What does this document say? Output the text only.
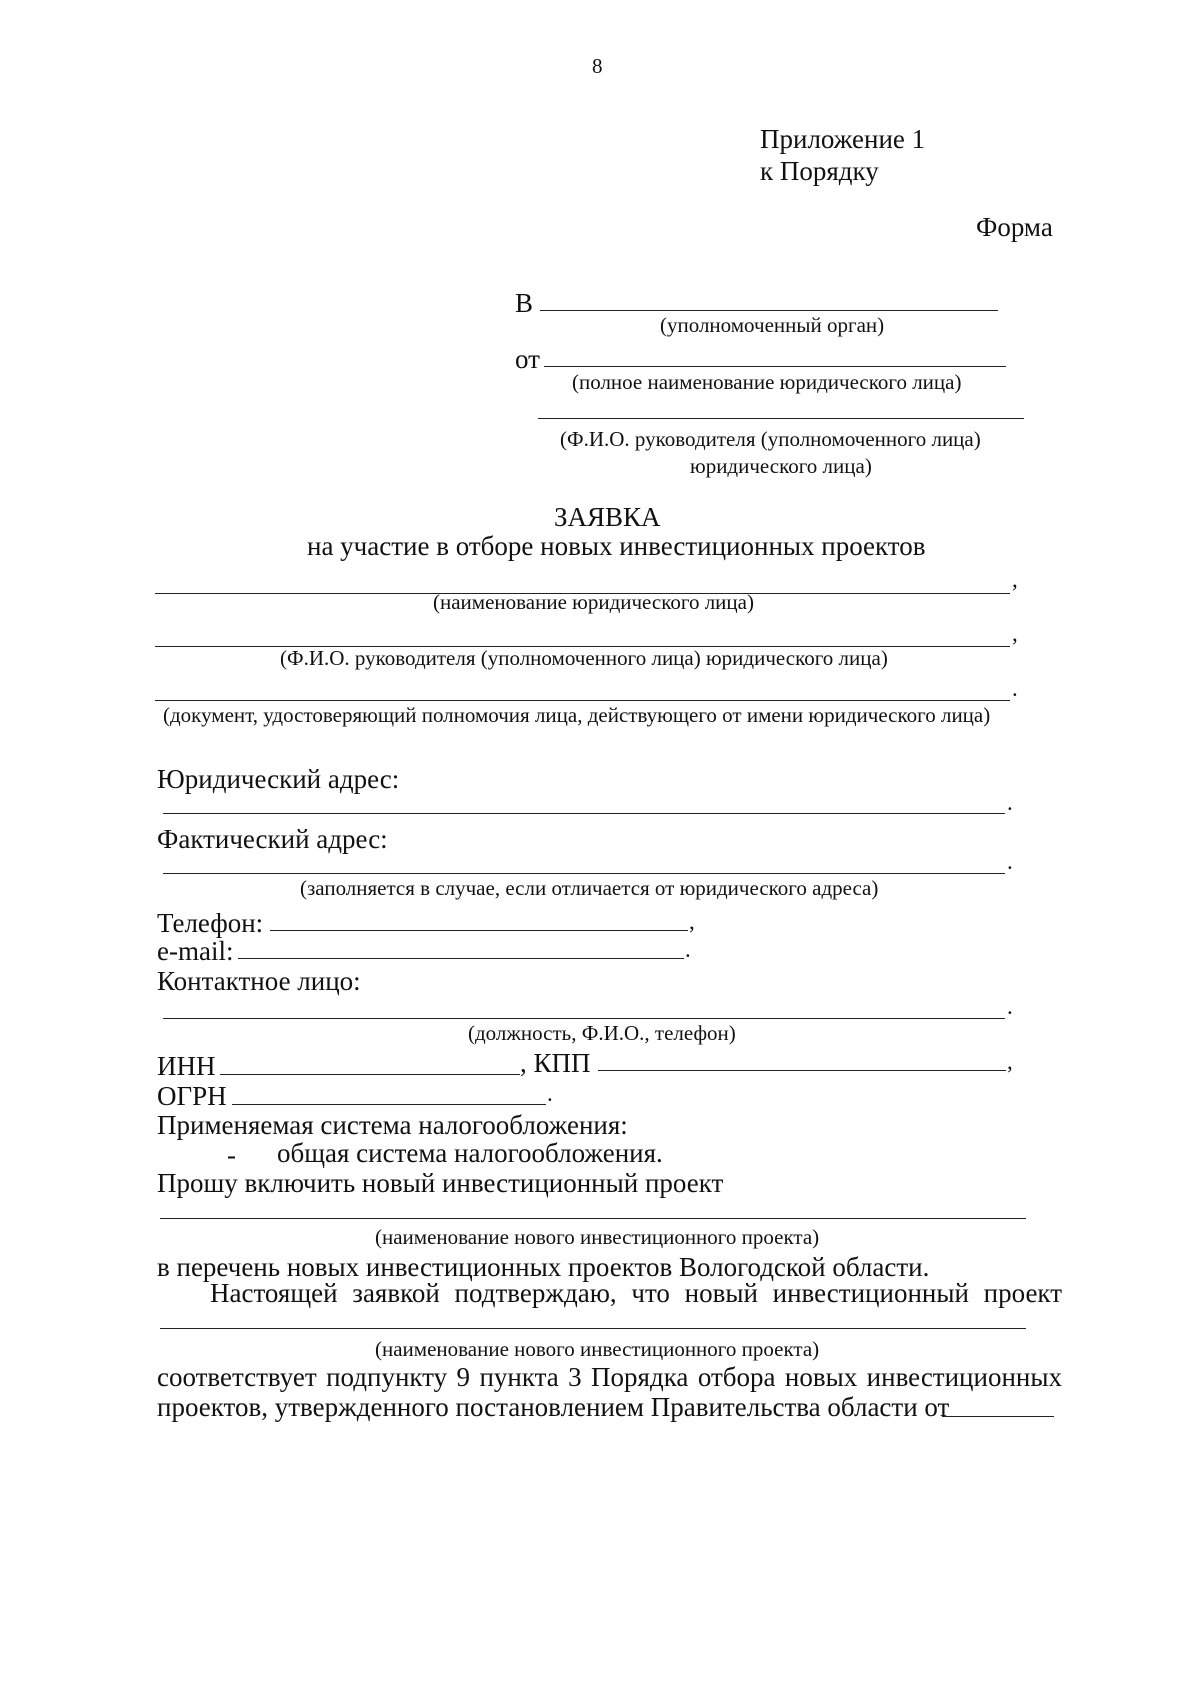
8
Приложение 1
к Порядку
Форма
В
(уполномоченный орган)
от
(полное наименование юридического лица)
(Ф.И.О. руководителя (уполномоченного лица)
юридического лица)
ЗАЯВКА
на участие в отборе новых инвестиционных проектов
,
(наименование юридического лица)
,
(Ф.И.О. руководителя (уполномоченного лица) юридического лица)
.
(документ, удостоверяющий полномочия лица, действующего от имени юридического лица)
Юридический адрес:
.
Фактический адрес:
.
(заполняется в случае, если отличается от юридического адреса)
Телефон:	,
e-mail:	.
Контактное лицо:
.
(должность, Ф.И.О., телефон)
ИНН	, КПП	,
ОГРН	.
Применяемая система налогообложения:
- общая система налогообложения.
Прошу включить новый инвестиционный проект
(наименование нового инвестиционного проекта)
в перечень новых инвестиционных проектов Вологодской области.
Настоящей заявкой подтверждаю, что новый инвестиционный проект
(наименование нового инвестиционного проекта)
соответствует подпункту 9 пункта 3 Порядка отбора новых инвестиционных
проектов, утвержденного постановлением Правительства области от
